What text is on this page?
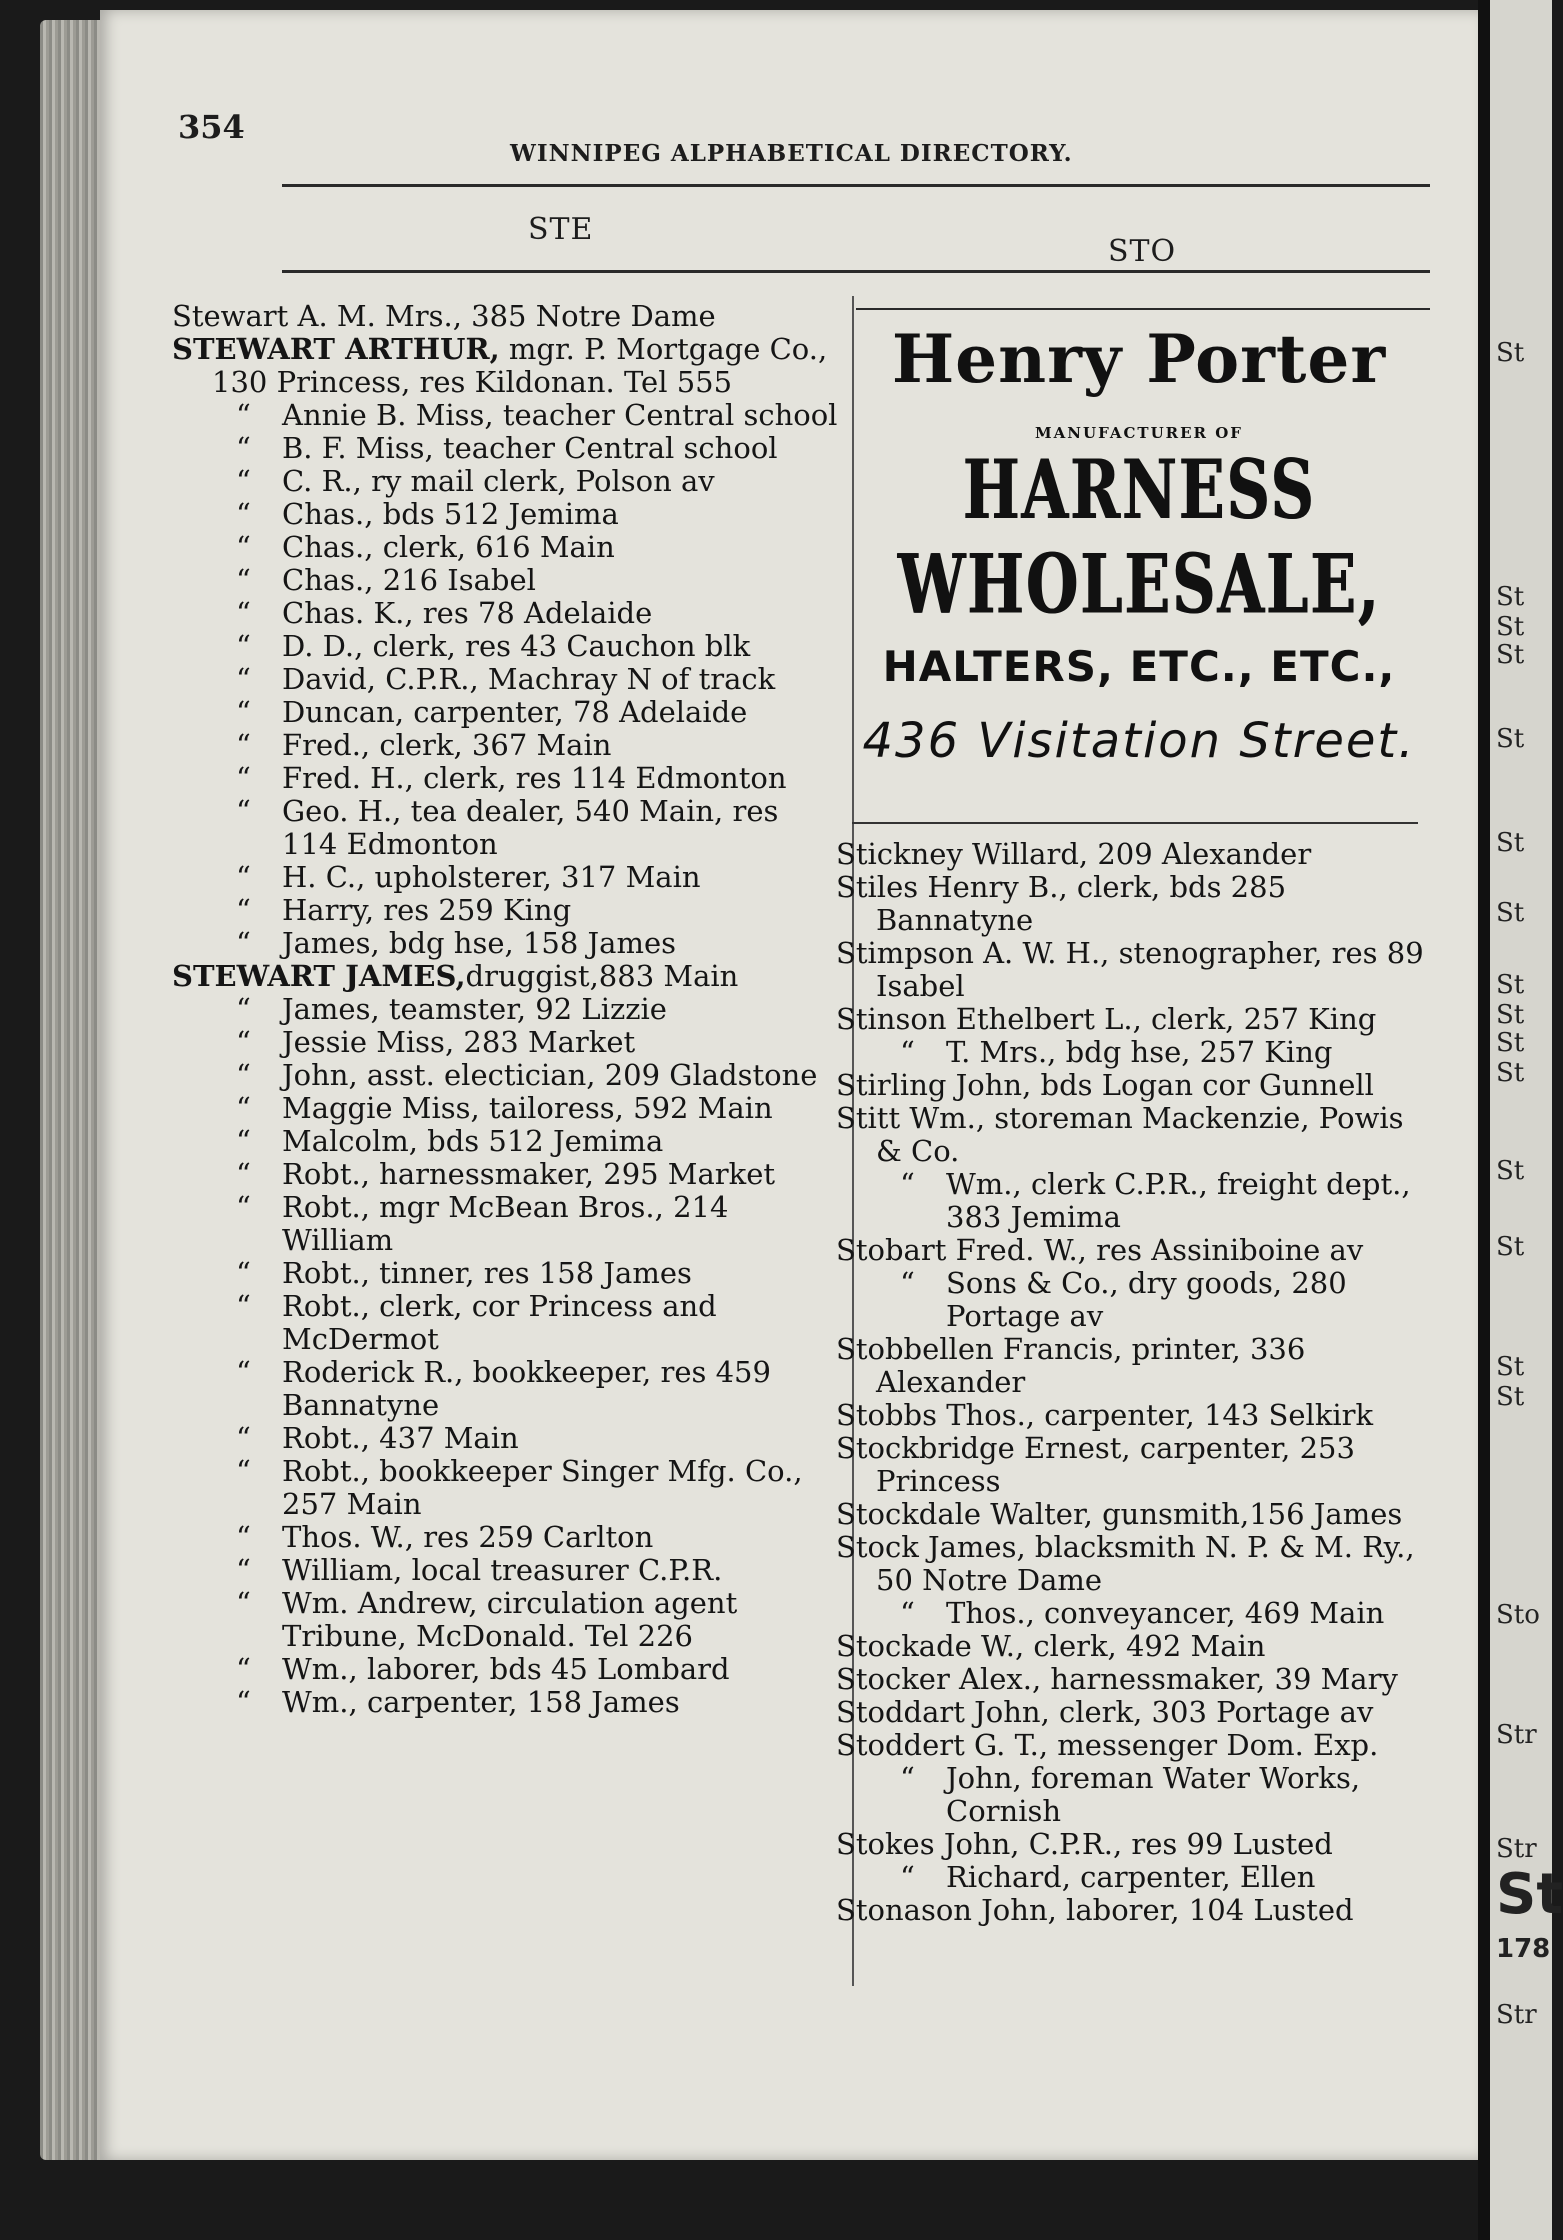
St
St
St
St
St
St
St
St
St
St
St
St
St
St
St
Sto
Str
Str
St
178
Str
354
WINNIPEG ALPHABETICAL DIRECTORY.
STE
STO

Stewart A. M. Mrs., 385 Notre Dame

STEWART ARTHUR, mgr. P. Mortgage Co., 130 Princess, res Kildonan. Tel 555

“ Annie B. Miss, teacher Central school

“ B. F. Miss, teacher Central school

“ C. R., ry mail clerk, Polson av

“ Chas., bds 512 Jemima

“ Chas., clerk, 616 Main

“ Chas., 216 Isabel

“ Chas. K., res 78 Adelaide

“ D. D., clerk, res 43 Cauchon blk

“ David, C.P.R., Machray N of track

“ Duncan, carpenter, 78 Adelaide

“ Fred., clerk, 367 Main

“ Fred. H., clerk, res 114 Edmonton

“ Geo. H., tea dealer, 540 Main, res 114 Edmonton

“ H. C., upholsterer, 317 Main

“ Harry, res 259 King

“ James, bdg hse, 158 James

STEWART JAMES,druggist,883 Main

“ James, teamster, 92 Lizzie

“ Jessie Miss, 283 Market

“ John, asst. electician, 209 Gladstone

“ Maggie Miss, tailoress, 592 Main

“ Malcolm, bds 512 Jemima

“ Robt., harnessmaker, 295 Market

“ Robt., mgr McBean Bros., 214 William

“ Robt., tinner, res 158 James

“ Robt., clerk, cor Princess and McDermot

“ Roderick R., bookkeeper, res 459 Bannatyne

“ Robt., 437 Main

“ Robt., bookkeeper Singer Mfg. Co., 257 Main

“ Thos. W., res 259 Carlton

“ William, local treasurer C.P.R.

“ Wm. Andrew, circulation agent Tribune, McDonald. Tel 226

“ Wm., laborer, bds 45 Lombard

“ Wm., carpenter, 158 James

Henry Porter
MANUFACTURER OF
HARNESS WHOLESALE,
HALTERS, ETC., ETC.,
436 Visitation Street.

Stickney Willard, 209 Alexander

Stiles Henry B., clerk, bds 285 Bannatyne

Stimpson A. W. H., stenographer, res 89 Isabel

Stinson Ethelbert L., clerk, 257 King

“ T. Mrs., bdg hse, 257 King

Stirling John, bds Logan cor Gunnell

Stitt Wm., storeman Mackenzie, Powis & Co.

“ Wm., clerk C.P.R., freight dept., 383 Jemima

Stobart Fred. W., res Assiniboine av

“ Sons & Co., dry goods, 280 Portage av

Stobbellen Francis, printer, 336 Alexander

Stobbs Thos., carpenter, 143 Selkirk

Stockbridge Ernest, carpenter, 253 Princess

Stockdale Walter, gunsmith,156 James

Stock James, blacksmith N. P. & M. Ry., 50 Notre Dame

“ Thos., conveyancer, 469 Main

Stockade W., clerk, 492 Main

Stocker Alex., harnessmaker, 39 Mary

Stoddart John, clerk, 303 Portage av

Stoddert G. T., messenger Dom. Exp.

“ John, foreman Water Works, Cornish

Stokes John, C.P.R., res 99 Lusted

“ Richard, carpenter, Ellen

Stonason John, laborer, 104 Lusted
